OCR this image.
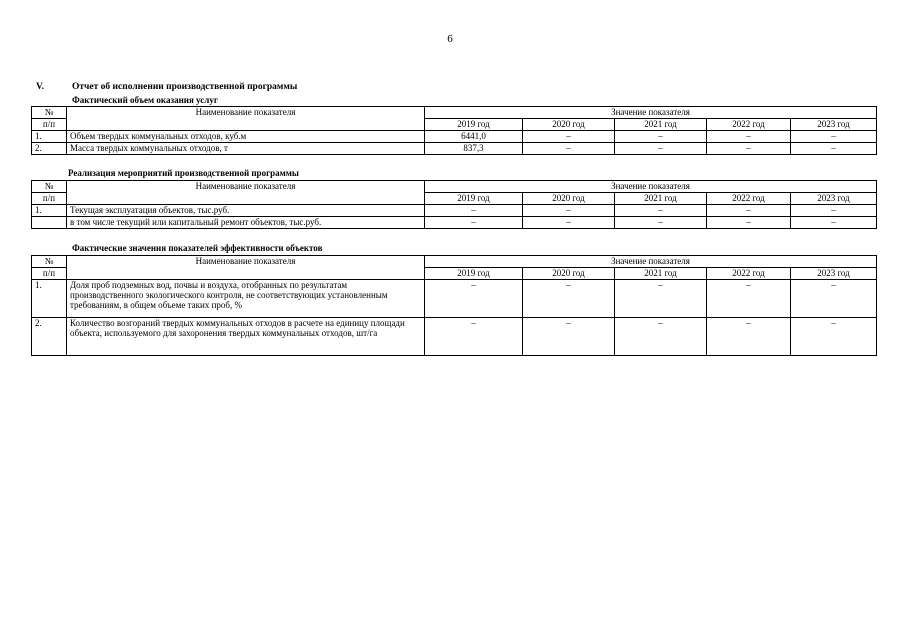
6
V.	Отчет об исполнении производственной программы
Фактический объем оказания услуг
№	Наименование показателя	Значение показателя				
п/п		2019 год	2020 год	2021 год	2022 год	2023 год
1.	Объем твердых коммунальных отходов, куб.м	6441,0	–	–	–	–
2.	Масса твердых коммунальных отходов, т	837,3	–	–	–	–
Реализация мероприятий производственной программы
№	Наименование показателя	Значение показателя				
п/п		2019 год	2020 год	2021 год	2022 год	2023 год
1.	Текущая эксплуатация объектов, тыс.руб.	–	–	–	–	–
	в том числе текущий или капитальный ремонт объектов, тыс.руб.	–	–	–	–	–
Фактические значения показателей эффективности объектов
№	Наименование показателя	Значение показателя				
п/п		2019 год	2020 год	2021 год	2022 год	2023 год
1.	Доля проб подземных вод, почвы и воздуха, отобранных по результатам производственного экологического контроля, не соответствующих установленным требованиям, в общем объеме таких проб, %	–	–	–	–	–
2.	Количество возгораний твердых коммунальных отходов в расчете на единицу площади объекта, используемого для захоронения твердых коммунальных отходов, шт/га	–	–	–	–	–
